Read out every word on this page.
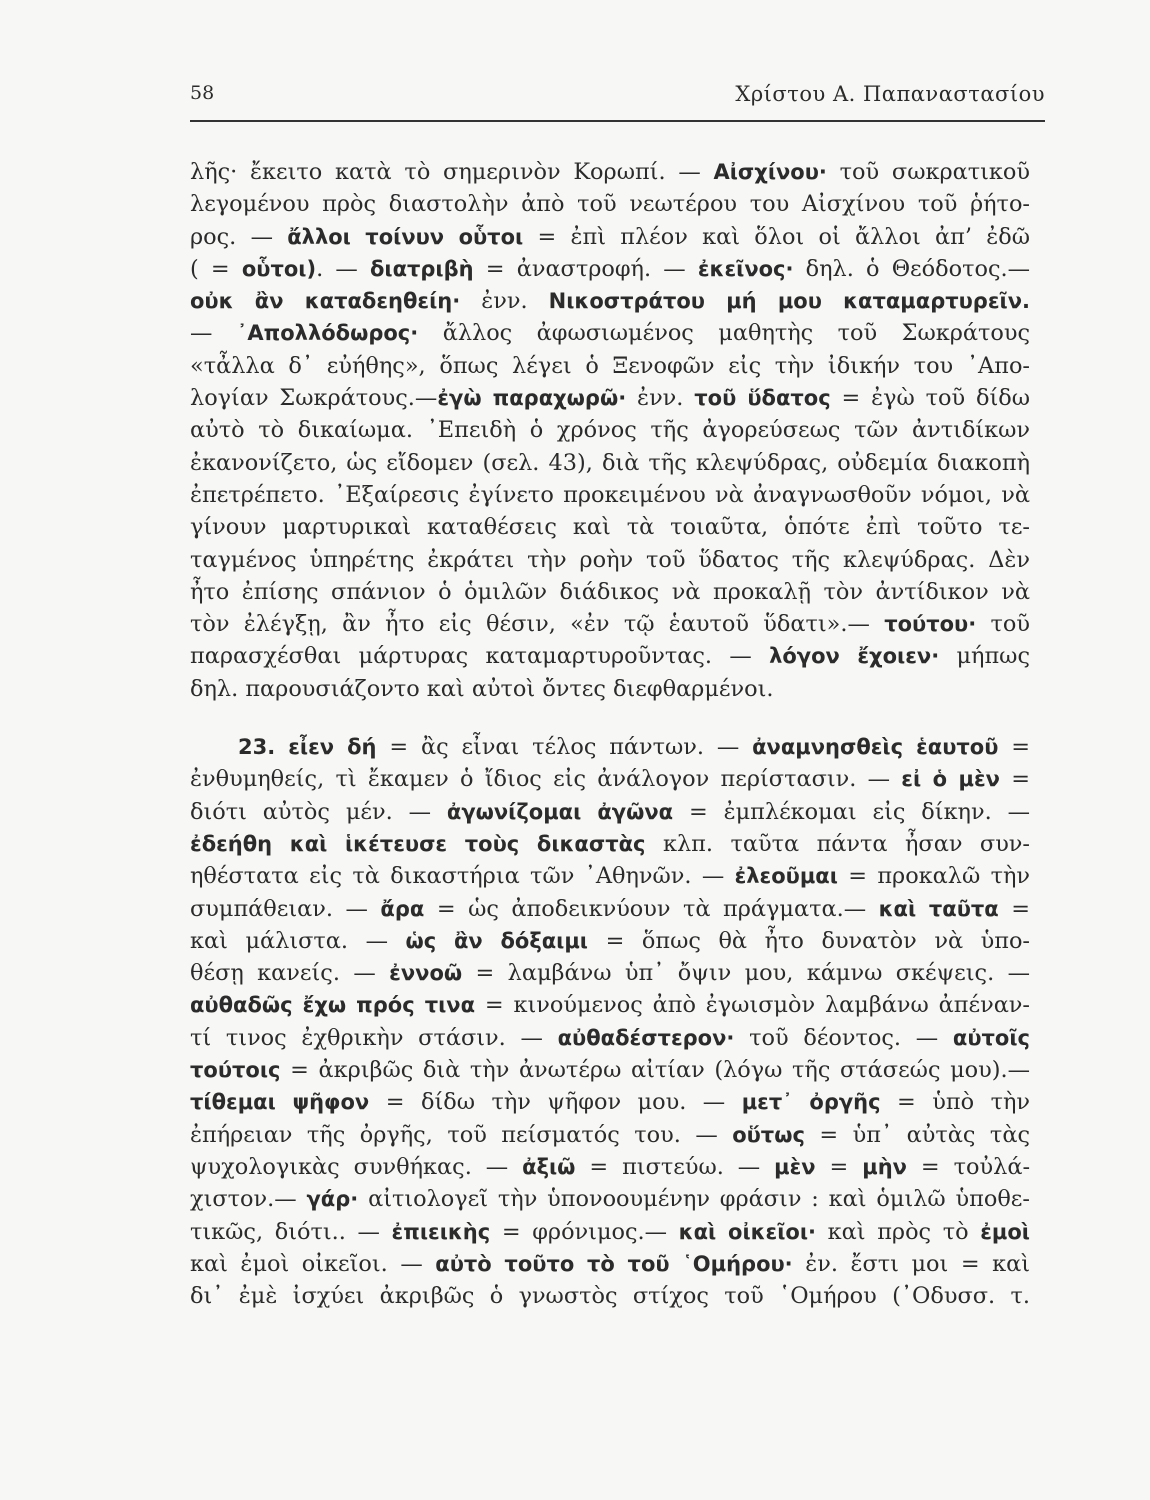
58	Χρίστου Α. Παπαναστασίου
λῆς· ἔκειτο κατὰ τὸ σημερινὸν Κορωπί. — Αἰσχίνου· τοῦ σωκρατικοῦ
λεγομένου πρὸς διαστολὴν ἀπὸ τοῦ νεωτέρου του Αἰσχίνου τοῦ ῥήτο-
ρος. — ἄλλοι τοίνυν οὗτοι = ἐπὶ πλέον καὶ ὅλοι οἱ ἄλλοι ἀπ’ ἐδῶ
( = οὗτοι). — διατριβὴ = ἀναστροφή. — ἐκεῖνος· δηλ. ὁ Θεόδοτος.—
οὐκ ἂν καταδεηθείη· ἐνν. Νικοστράτου μή μου καταμαρτυρεῖν.
— ᾽Απολλόδωρος· ἄλλος ἀφωσιωμένος μαθητὴς τοῦ Σωκράτους
«τἆλλα δ᾽ εὐήθης», ὅπως λέγει ὁ Ξενοφῶν εἰς τὴν ἰδικήν του ᾽Απο-
λογίαν Σωκράτους.—ἐγὼ παραχωρῶ· ἐνν. τοῦ ὕδατος = ἐγὼ τοῦ δίδω
αὐτὸ τὸ δικαίωμα. ᾽Επειδὴ ὁ χρόνος τῆς ἀγορεύσεως τῶν ἀντιδίκων
ἐκανονίζετο, ὡς εἴδομεν (σελ. 43), διὰ τῆς κλεψύδρας, οὐδεμία διακοπὴ
ἐπετρέπετο. ᾽Εξαίρεσις ἐγίνετο προκειμένου νὰ ἀναγνωσθοῦν νόμοι, νὰ
γίνουν μαρτυρικαὶ καταθέσεις καὶ τὰ τοιαῦτα, ὁπότε ἐπὶ τοῦτο τε-
ταγμένος ὑπηρέτης ἐκράτει τὴν ροὴν τοῦ ὕδατος τῆς κλεψύδρας. Δὲν
ἦτο ἐπίσης σπάνιον ὁ ὁμιλῶν διάδικος νὰ προκαλῇ τὸν ἀντίδικον νὰ
τὸν ἐλέγξῃ, ἂν ἦτο εἰς θέσιν, «ἐν τῷ ἑαυτοῦ ὕδατι».— τούτου· τοῦ
παρασχέσθαι μάρτυρας καταμαρτυροῦντας. — λόγον ἔχοιεν· μήπως
δηλ. παρουσιάζοντο καὶ αὐτοὶ ὄντες διεφθαρμένοι.
23. εἶεν δή = ἂς εἶναι τέλος πάντων. — ἀναμνησθεὶς ἑαυτοῦ =
ἐνθυμηθείς, τὶ ἔκαμεν ὁ ἴδιος εἰς ἀνάλογον περίστασιν. — εἰ ὁ μὲν =
διότι αὐτὸς μέν. — ἀγωνίζομαι ἀγῶνα = ἐμπλέκομαι εἰς δίκην. —
ἐδεήθη καὶ ἱκέτευσε τοὺς δικαστὰς κλπ. ταῦτα πάντα ἦσαν συν-
ηθέστατα εἰς τὰ δικαστήρια τῶν ᾽Αθηνῶν. — ἐλεοῦμαι = προκαλῶ τὴν
συμπάθειαν. — ἄρα = ὡς ἀποδεικνύουν τὰ πράγματα.— καὶ ταῦτα =
καὶ μάλιστα. — ὡς ἂν δόξαιμι = ὅπως θὰ ἦτο δυνατὸν νὰ ὑπο-
θέσῃ κανείς. — ἐννοῶ = λαμβάνω ὑπ᾽ ὄψιν μου, κάμνω σκέψεις. —
αὐθαδῶς ἔχω πρός τινα = κινούμενος ἀπὸ ἐγωισμὸν λαμβάνω ἀπέναν-
τί τινος ἐχθρικὴν στάσιν. — αὐθαδέστερον· τοῦ δέοντος. — αὐτοῖς
τούτοις = ἀκριβῶς διὰ τὴν ἀνωτέρω αἰτίαν (λόγω τῆς στάσεώς μου).—
τίθεμαι ψῆφον = δίδω τὴν ψῆφον μου. — μετ᾽ ὀργῆς = ὑπὸ τὴν
ἐπήρειαν τῆς ὀργῆς, τοῦ πείσματός του. — οὕτως = ὑπ᾽ αὐτὰς τὰς
ψυχολογικὰς συνθήκας. — ἀξιῶ = πιστεύω. — μὲν = μὴν = τοὐλά-
χιστον.— γάρ· αἰτιολογεῖ τὴν ὑπονοουμένην φράσιν : καὶ ὁμιλῶ ὑποθε-
τικῶς, διότι.. — ἐπιεικὴς = φρόνιμος.— καὶ οἰκεῖοι· καὶ πρὸς τὸ ἐμοὶ
καὶ ἐμοὶ οἰκεῖοι. — αὐτὸ τοῦτο τὸ τοῦ ῾Ομήρου· ἐν. ἔστι μοι = καὶ
δι᾽ ἐμὲ ἰσχύει ἀκριβῶς ὁ γνωστὸς στίχος τοῦ ῾Ομήρου (᾽Οδυσσ. τ.
